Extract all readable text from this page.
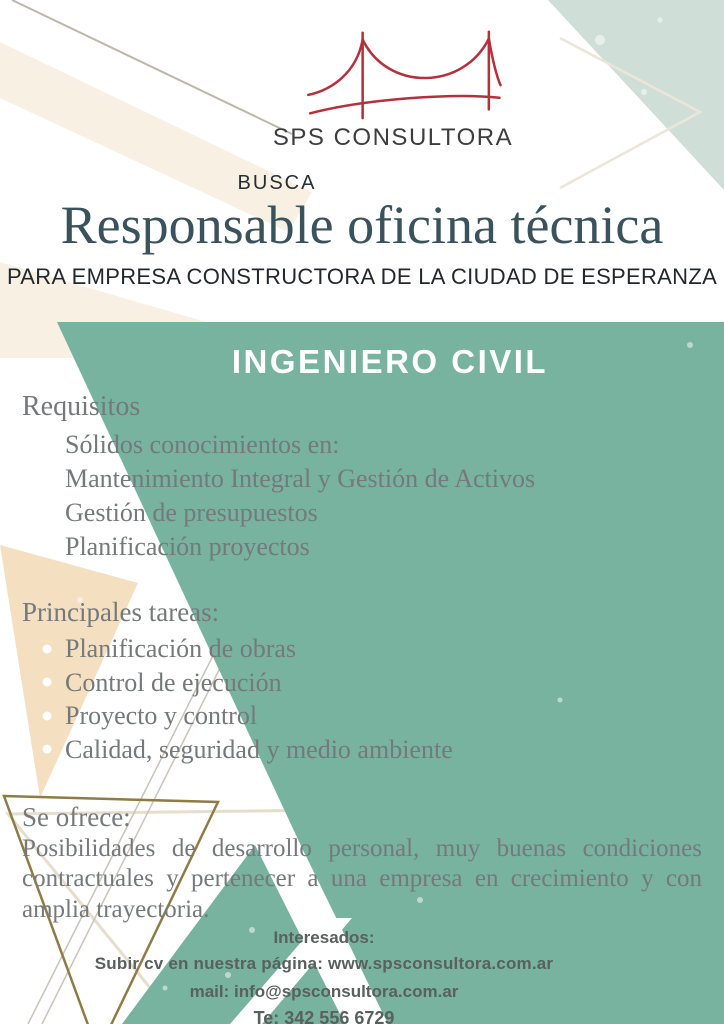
SPS CONSULTORA
BUSCA
Responsable oficina técnica
PARA EMPRESA CONSTRUCTORA DE LA CIUDAD DE ESPERANZA
INGENIERO CIVIL
Requisitos
Sólidos conocimientos en:
Mantenimiento Integral y Gestión de Activos
Gestión de presupuestos
Planificación proyectos
Principales tareas:
Planificación de obras
Control de ejecución
Proyecto y control
Calidad, seguridad y medio ambiente
Se ofrece:
Posibilidades de desarrollo personal, muy buenas condiciones contractuales y pertenecer a una empresa en crecimiento y con amplia trayectoria.
Interesados:
Subir cv en nuestra página: www.spsconsultora.com.ar
mail: info@spsconsultora.com.ar
Te: 342 556 6729
